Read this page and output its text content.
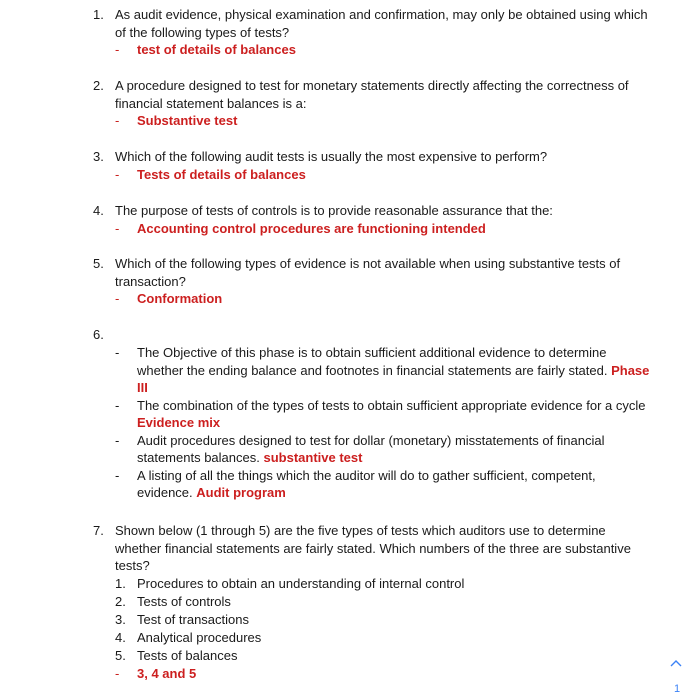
1. As audit evidence, physical examination and confirmation, may only be obtained using which of the following types of tests?
- test of details of balances
2. A procedure designed to test for monetary statements directly affecting the correctness of financial statement balances is a:
- Substantive test
3. Which of the following audit tests is usually the most expensive to perform?
- Tests of details of balances
4. The purpose of tests of controls is to provide reasonable assurance that the:
- Accounting control procedures are functioning intended
5. Which of the following types of evidence is not available when using substantive tests of transaction?
- Conformation
6.
- The Objective of this phase is to obtain sufficient additional evidence to determine whether the ending balance and footnotes in financial statements are fairly stated. Phase III
- The combination of the types of tests to obtain sufficient appropriate evidence for a cycle Evidence mix
- Audit procedures designed to test for dollar (monetary) misstatements of financial statements balances. substantive test
- A listing of all the things which the auditor will do to gather sufficient, competent, evidence. Audit program
7. Shown below (1 through 5) are the five types of tests which auditors use to determine whether financial statements are fairly stated. Which numbers of the three are substantive tests?
1. Procedures to obtain an understanding of internal control
2. Tests of controls
3. Test of transactions
4. Analytical procedures
5. Tests of balances
- 3, 4 and 5
1
